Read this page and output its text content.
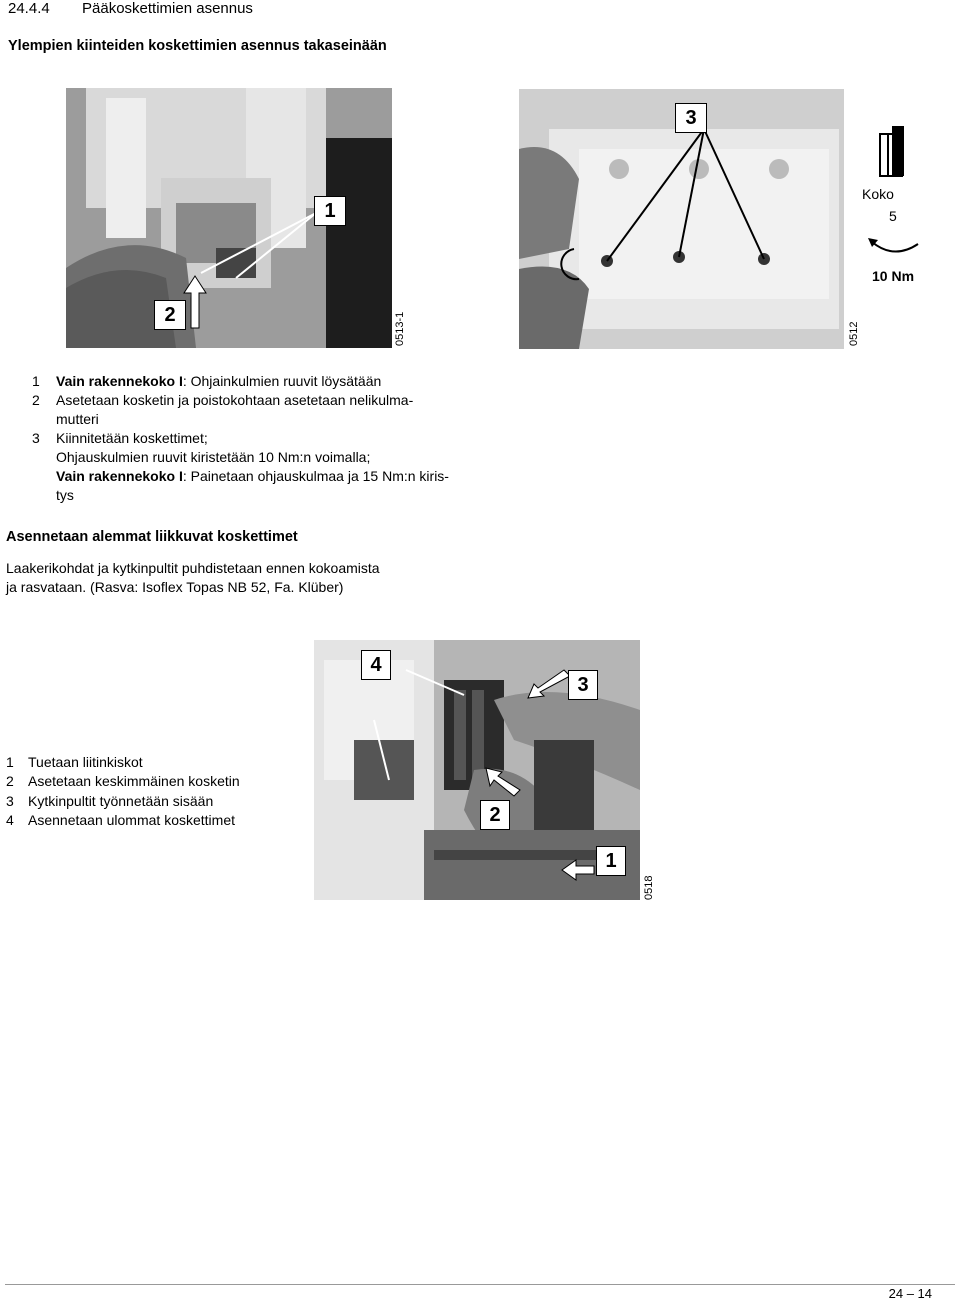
24.4.4 Pääkoskettimien asennus
Ylempien kiinteiden koskettimien asennus takaseinään
1
2	0513-1
3
0512
Koko
5
10 Nm
1 Vain rakennekoko I: Ohjainkulmien ruuvit löysätään
2 Asetetaan kosketin ja poistokohtaan asetetaan nelikulma-
mutteri
3 Kiinnitetään koskettimet;
Ohjauskulmien ruuvit kiristetään 10 Nm:n voimalla;
Vain rakennekoko I: Painetaan ohjauskulmaa ja 15 Nm:n kiris-
tys
Asennetaan alemmat liikkuvat koskettimet
Laakerikohdat ja kytkinpultit puhdistetaan ennen kokoamista
ja rasvataan. (Rasva: Isoflex Topas NB 52, Fa. Klüber)
4
3
2
1
0518
1 Tuetaan liitinkiskot
2 Asetetaan keskimmäinen kosketin
3 Kytkinpultit työnnetään sisään
4 Asennetaan ulommat koskettimet
24 – 14
